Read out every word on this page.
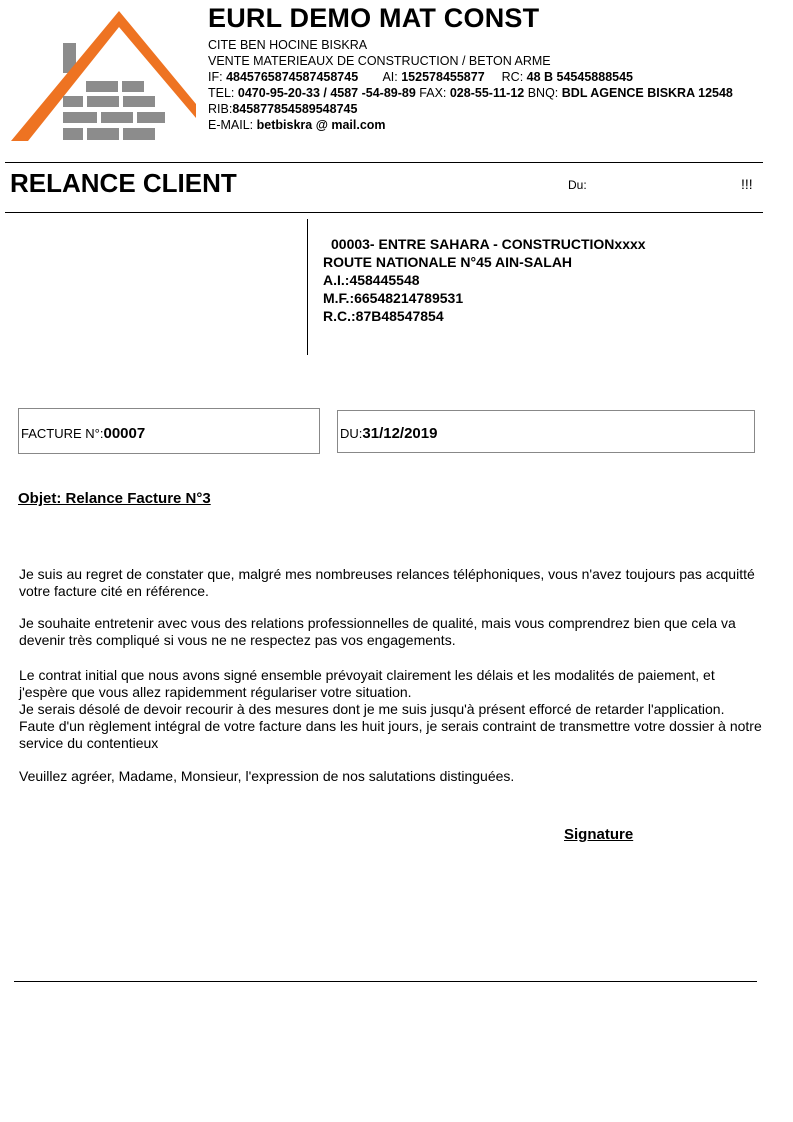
EURL DEMO MAT CONST
CITE BEN HOCINE BISKRA
VENTE MATERIEAUX DE CONSTRUCTION / BETON ARME
IF: 4845765874587458745 AI: 152578455877 RC: 48 B 54545888545
TEL: 0470-95-20-33 / 4587 -54-89-89 FAX: 028-55-11-12 BNQ: BDL AGENCE BISKRA 12548
RIB:845877854589548745
E-MAIL: betbiskra @ mail.com
RELANCE CLIENT	Du:	!!!
00003- ENTRE SAHARA - CONSTRUCTIONxxxx
ROUTE NATIONALE N°45 AIN-SALAH
A.I.:458445548
M.F.:66548214789531
R.C.:87B48547854
FACTURE N°: 00007	DU: 31/12/2019
Objet: Relance Facture N°3
Je suis au regret de constater que, malgré mes nombreuses relances téléphoniques, vous n'avez toujours pas acquitté votre facture cité en référence.
Je souhaite entretenir avec vous des relations professionnelles de qualité, mais vous comprendrez bien que cela va devenir très compliqué si vous ne ne respectez pas vos engagements.
Le contrat initial que nous avons signé ensemble prévoyait clairement les délais et les modalités de paiement, et j'espère que vous allez rapidemment régulariser votre situation.
Je serais désolé de devoir recourir à des mesures dont je me suis jusqu'à présent efforcé de retarder l'application. Faute d'un règlement intégral de votre facture dans les huit jours, je serais contraint de transmettre votre dossier à notre service du contentieux
Veuillez agréer, Madame, Monsieur, l'expression de nos salutations distinguées.
Signature
